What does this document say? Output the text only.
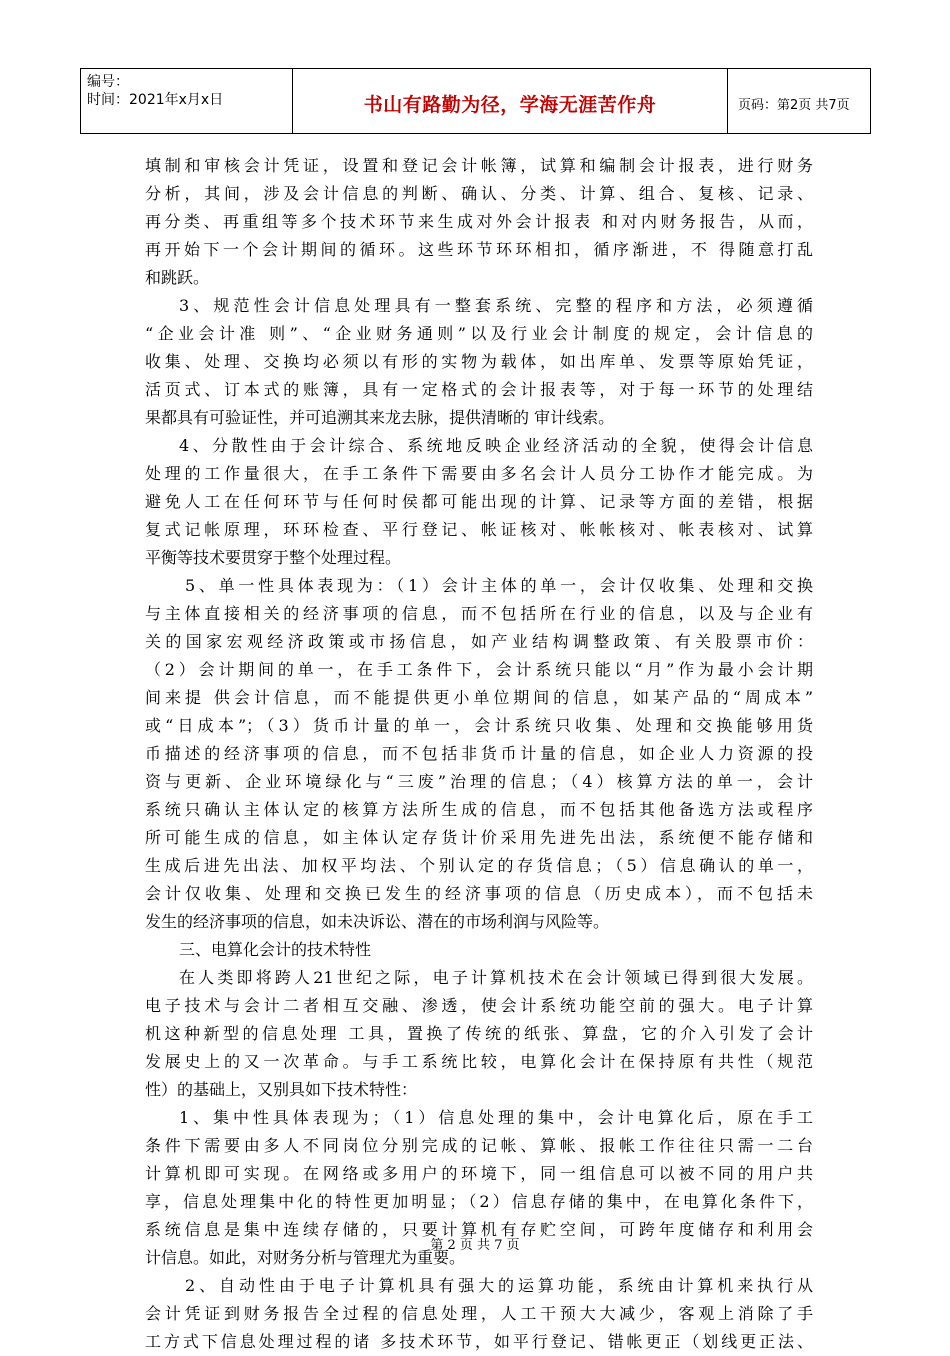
编号：
时间：2021年x月x日	书山有路勤为径，学海无涯苦作舟	页码：第2页 共7页
填制和审核会计凭证，设置和登记会计帐簿，试算和编制会计报表，进行财务
分析，其间，涉及会计信息的判断、确认、分类、计算、组合、复核、记录、
再分类、再重组等多个技术环节来生成对外会计报表 和对内财务报告，从而，
再开始下一个会计期间的循环。这些环节环环相扣，循序渐进，不 得随意打乱
和跳跃。
3、规范性会计信息处理具有一整套系统、完整的程序和方法，必须遵循
“企业会计准 则”、“企业财务通则”以及行业会计制度的规定，会计信息的
收集、处理、交换均必须以有形的实物为载体，如出库单、发票等原始凭证，
活页式、订本式的账簿，具有一定格式的会计报表等，对于每一环节的处理结
果都具有可验证性，并可追溯其来龙去脉，提供清晰的 审计线索。
4、分散性由于会计综合、系统地反映企业经济活动的全貌，使得会计信息
处理的工作量很大，在手工条件下需要由多名会计人员分工协作才能完成。为
避免人工在任何环节与任何时侯都可能出现的计算、记录等方面的差错，根据
复式记帐原理，环环检查、平行登记、帐证核对、帐帐核对、帐表核对、试算
平衡等技术要贯穿于整个处理过程。
5、单一性具体表现为：（1）会计主体的单一，会计仅收集、处理和交换
与主体直接相关的经济事项的信息，而不包括所在行业的信息，以及与企业有
关的国家宏观经济政策或市扬信息，如产业结构调整政策、有关股票市价：
（2）会计期间的单一，在手工条件下，会计系统只能以“月”作为最小会计期
间来提 供会计信息，而不能提供更小单位期间的信息，如某产品的“周成本”
或“日成本”；（3）货币计量的单一，会计系统只收集、处理和交换能够用货
币描述的经济事项的信息，而不包括非货币计量的信息，如企业人力资源的投
资与更新、企业环境绿化与“三废”治理的信息；（4）核算方法的单一，会计
系统只确认主体认定的核算方法所生成的信息，而不包括其他备选方法或程序
所可能生成的信息，如主体认定存货计价采用先进先出法，系统便不能存储和
生成后进先出法、加权平均法、个别认定的存货信息；（5）信息确认的单一，
会计仅收集、处理和交换已发生的经济事项的信息（历史成本），而不包括未
发生的经济事项的信息，如未决诉讼、潜在的市场利润与风险等。
三、电算化会计的技术特性
在人类即将跨人21世纪之际，电子计算机技术在会计领域已得到很大发展。
电子技术与会计二者相互交融、渗透，使会计系统功能空前的强大。电子计算
机这种新型的信息处理 工具，置换了传统的纸张、算盘，它的介入引发了会计
发展史上的又一次革命。与手工系统比较，电算化会计在保持原有共性（规范
性）的基础上，又别具如下技术特性：
1、集中性具体表现为；（1）信息处理的集中，会计电算化后，原在手工
条件下需要由多人不同岗位分别完成的记帐、算帐、报帐工作往往只需一二台
计算机即可实现。在网络或多用户的环境下，同一组信息可以被不同的用户共
享，信息处理集中化的特性更加明显；（2）信息存储的集中，在电算化条件下，
系统信息是集中连续存储的，只要计算机有存贮空间，可跨年度储存和利用会
计信息。如此，对财务分析与管理尤为重要。
2、自动性由于电子计算机具有强大的运算功能，系统由计算机来执行从
会计凭证到财务报告全过程的信息处理，人工干预大大减少，客观上消除了手
工方式下信息处理过程的诸 多技术环节，如平行登记、错帐更正（划线更正法、
第 2 页 共 7 页
